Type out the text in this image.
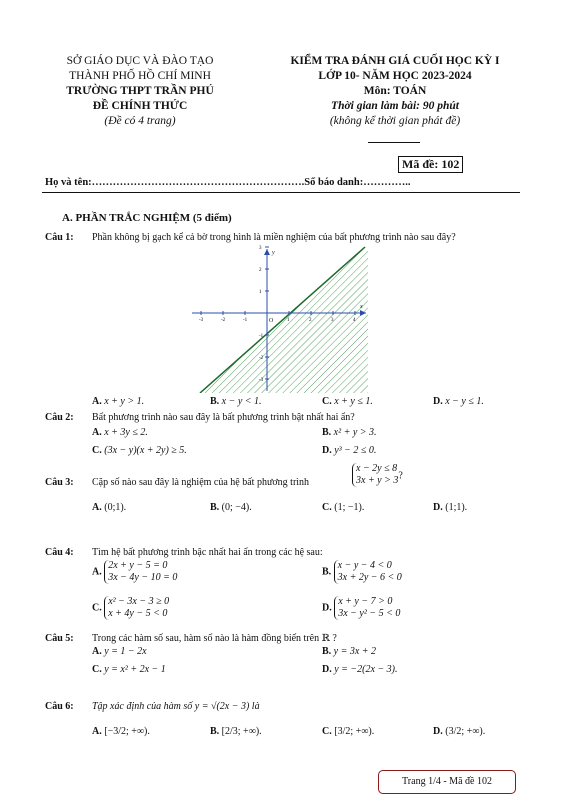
SỞ GIÁO DỤC VÀ ĐÀO TẠO
THÀNH PHỐ HỒ CHÍ MINH
TRƯỜNG THPT TRẦN PHÚ
ĐỀ CHÍNH THỨC
(Đề có 4 trang)
KIỂM TRA ĐÁNH GIÁ CUỐI HỌC KỲ I
LỚP 10- NĂM HỌC 2023-2024
Môn: TOÁN
Thời gian làm bài: 90 phút
(không kể thời gian phát đề)
Mã đề: 102
Họ và tên:…………………………………………………….Số báo danh:…………..
A. PHẦN TRẮC NGHIỆM (5 điểm)
Câu 1: Phần không bị gạch kể cả bờ trong hình là miền nghiệm của bất phương trình nào sau đây?
-3	-2	-1	1	2	3	4
3
2
1
-1
-2
-3
y
x
O
A. x + y > 1.	B. x − y < 1.	C. x + y ≤ 1.	D. x − y ≤ 1.
Câu 2: Bất phương trình nào sau đây là bất phương trình bật nhất hai ẩn?
A. x + 3y ≤ 2.	B. x² + y > 3.
C. (3x − y)(x + 2y) ≥ 5.	D. y³ − 2 ≤ 0.
Câu 3: Cặp số nào sau đây là nghiệm của hệ bất phương trình
x − 2y ≤ 8
3x + y > 3?
A. (0;1).	B. (0; −4).	C. (1; −1).	D. (1;1).
Câu 4: Tìm hệ bất phương trình bậc nhất hai ẩn trong các hệ sau:
A. 2x + y − 5 = 0
3x − 4y − 10 = 0
B. x − y − 4 < 0
3x + 2y − 6 < 0
C. x² − 3x − 3 ≥ 0
x + 4y − 5 < 0
D. x + y − 7 > 0
3x − y² − 5 < 0
Câu 5: Trong các hàm số sau, hàm số nào là hàm đồng biến trên ℝ ?
A. y = 1 − 2x	B. y = 3x + 2
C. y = x² + 2x − 1	D. y = −2(2x − 3).
Câu 6: Tập xác định của hàm số y = √(2x − 3) là
A. [−3/2; +∞).	B. [2/3; +∞).	C. [3/2; +∞).	D. (3/2; +∞).
Trang 1/4 - Mã đề 102
